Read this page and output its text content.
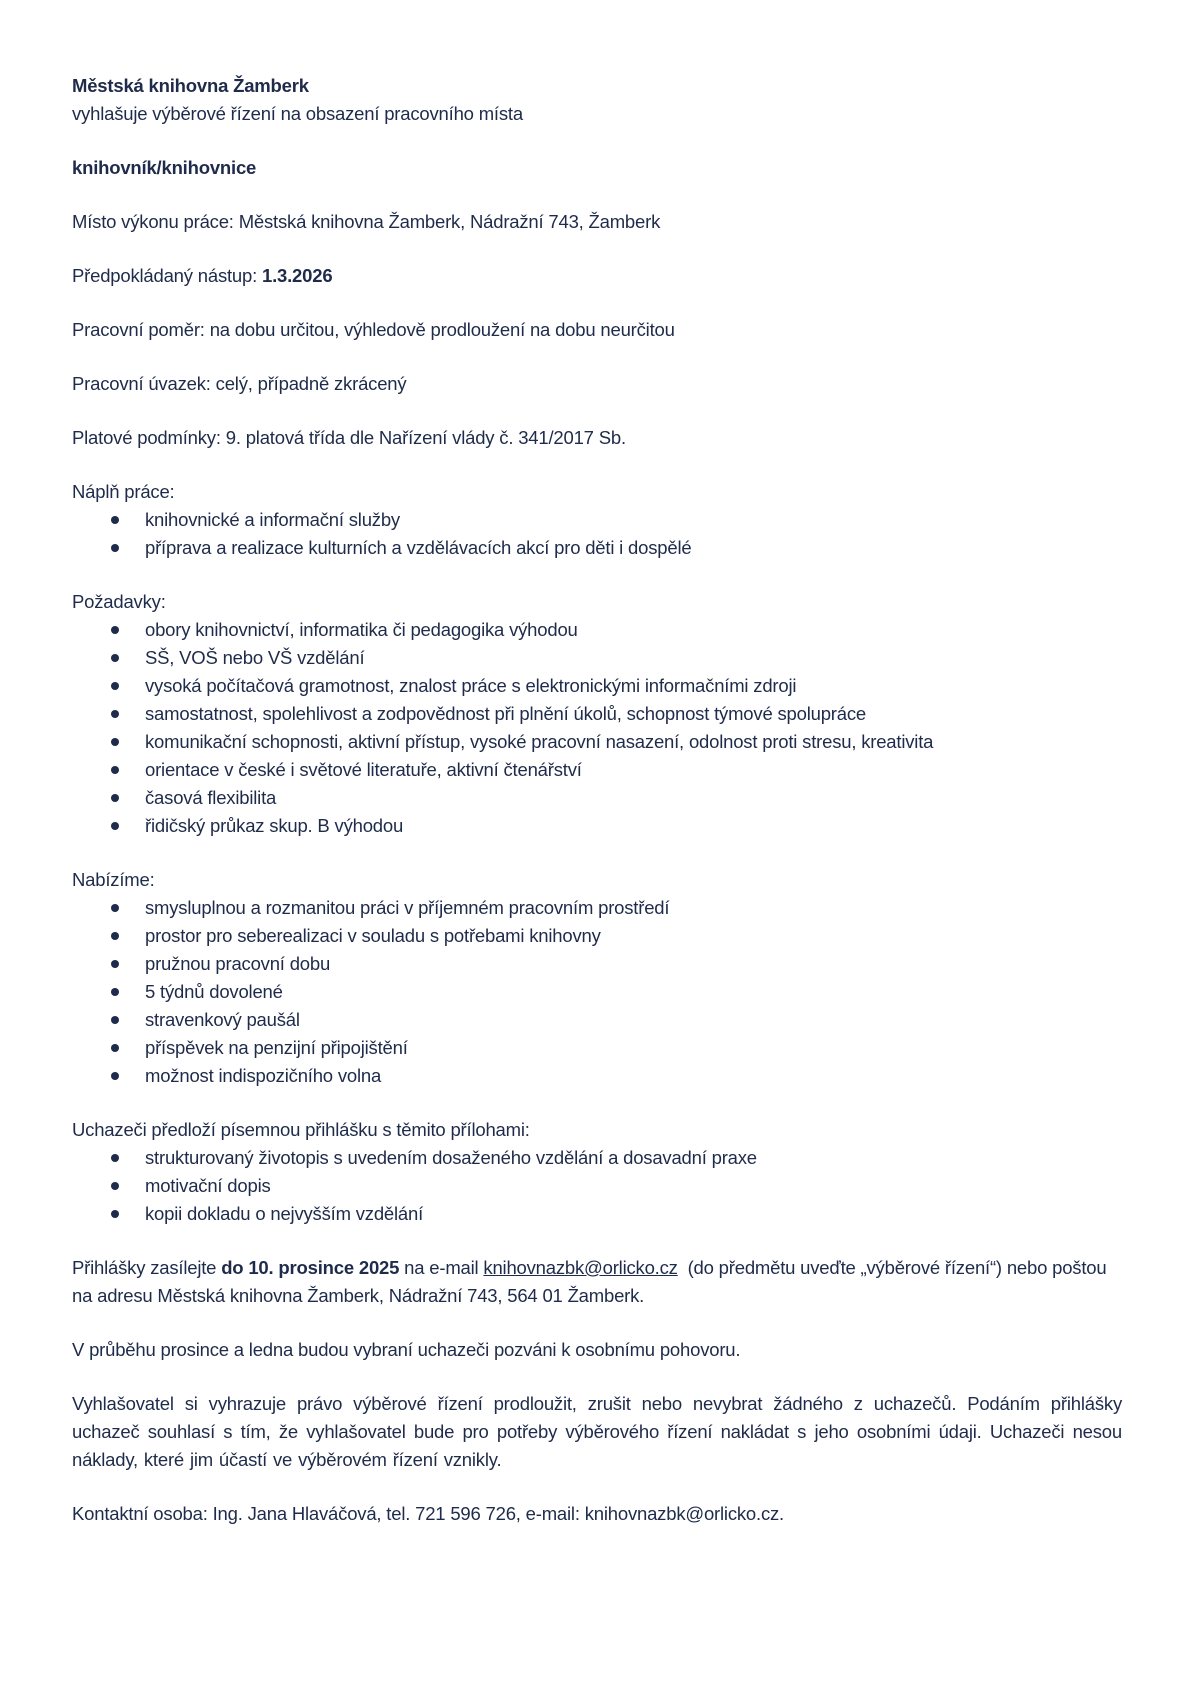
Městská knihovna Žamberk

vyhlašuje výběrové řízení na obsazení pracovního místa

knihovník/knihovnice

Místo výkonu práce: Městská knihovna Žamberk, Nádražní 743, Žamberk

Předpokládaný nástup: 1.3.2026

Pracovní poměr: na dobu určitou, výhledově prodloužení na dobu neurčitou

Pracovní úvazek: celý, případně zkrácený

Platové podmínky: 9. platová třída dle Nařízení vlády č. 341/2017 Sb.

Náplň práce:

knihovnické a informační služby
příprava a realizace kulturních a vzdělávacích akcí pro děti i dospělé

Požadavky:

obory knihovnictví, informatika či pedagogika výhodou
SŠ, VOŠ nebo VŠ vzdělání
vysoká počítačová gramotnost, znalost práce s elektronickými informačními zdroji
samostatnost, spolehlivost a zodpovědnost při plnění úkolů, schopnost týmové spolupráce
komunikační schopnosti, aktivní přístup, vysoké pracovní nasazení, odolnost proti stresu, kreativita
orientace v české i světové literatuře, aktivní čtenářství
časová flexibilita
řidičský průkaz skup. B výhodou

Nabízíme:

smysluplnou a rozmanitou práci v příjemném pracovním prostředí
prostor pro seberealizaci v souladu s potřebami knihovny
pružnou pracovní dobu
5 týdnů dovolené
stravenkový paušál
příspěvek na penzijní připojištění
možnost indispozičního volna

Uchazeči předloží písemnou přihlášku s těmito přílohami:

strukturovaný životopis s uvedením dosaženého vzdělání a dosavadní praxe
motivační dopis
kopii dokladu o nejvyšším vzdělání

Přihlášky zasílejte do 10. prosince 2025 na e-mail knihovnazbk@orlicko.cz  (do předmětu uveďte „výběrové řízení“) nebo poštou na adresu Městská knihovna Žamberk, Nádražní 743, 564 01 Žamberk.

V průběhu prosince a ledna budou vybraní uchazeči pozváni k osobnímu pohovoru.

Vyhlašovatel si vyhrazuje právo výběrové řízení prodloužit, zrušit nebo nevybrat žádného z uchazečů. Podáním přihlášky uchazeč souhlasí s tím, že vyhlašovatel bude pro potřeby výběrového řízení nakládat s jeho osobními údaji. Uchazeči nesou náklady, které jim účastí ve výběrovém řízení vznikly.

Kontaktní osoba: Ing. Jana Hlaváčová, tel. 721 596 726, e-mail: knihovnazbk@orlicko.cz.
